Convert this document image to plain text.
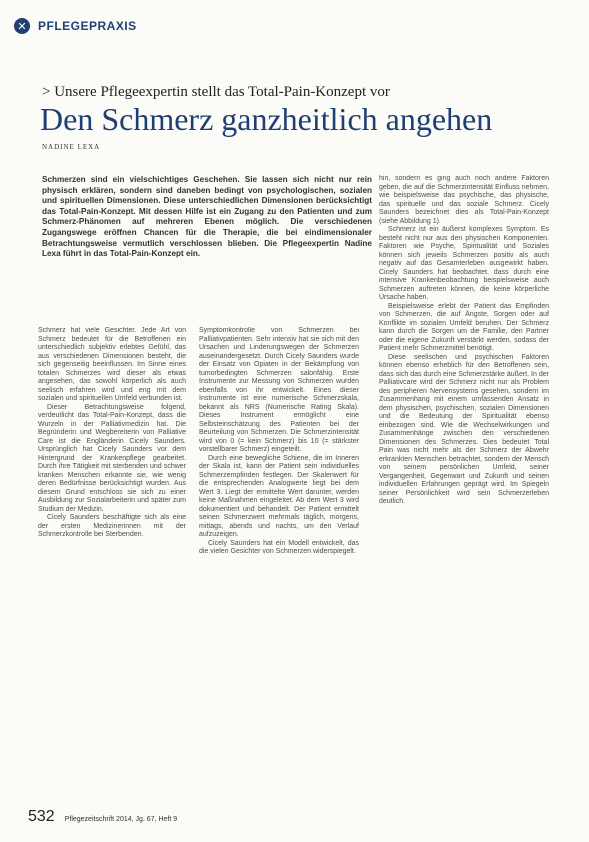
✕ PFLEGEPRAXIS
> Unsere Pflegeexpertin stellt das Total-Pain-Konzept vor
Den Schmerz ganzheitlich angehen
NADINE LEXA
Schmerzen sind ein vielschichtiges Geschehen. Sie lassen sich nicht nur rein physisch erklären, sondern sind daneben bedingt von psychologischen, sozialen und spirituellen Dimensionen. Diese unterschiedlichen Dimensionen berücksichtigt das Total-Pain-Konzept. Mit dessen Hilfe ist ein Zugang zu den Patienten und zum Schmerz-Phänomen auf mehreren Ebenen möglich. Die verschiedenen Zugangswege eröffnen Chancen für die Therapie, die bei eindimensionaler Betrachtungsweise vermutlich verschlossen blieben. Die Pflegeexpertin Nadine Lexa führt in das Total-Pain-Konzept ein.

Schmerz hat viele Gesichter. Jede Art von Schmerz bedeutet für die Betroffenen ein unterschiedlich subjektiv erlebtes Gefühl, das aus verschiedenen Dimensionen besteht, die sich gegenseitig beeinflussen. Im Sinne eines totalen Schmerzes wird dieser als etwas angesehen, das sowohl körperlich als auch seelisch erfahren wird und eng mit dem sozialen und spirituellen Umfeld verbunden ist.

Dieser Betrachtungsweise folgend, verdeutlicht das Total-Pain-Konzept, dass die Wurzeln in der Palliativmedizin hat. Die Begründerin und Wegbereiterin von Palliative Care ist die Engländerin Cicely Saunders. Ursprünglich hat Cicely Saunders vor dem Hintergrund der Krankenpflege gearbeitet. Durch ihre Tätigkeit mit sterbenden und schwer kranken Menschen erkannte sie, wie wenig deren Bedürfnisse berücksichtigt wurden. Aus diesem Grund entschloss sie sich zu einer Ausbildung zur Sozialarbeiterin und später zum Studium der Medizin.

Cicely Saunders beschäftigte sich als eine der ersten Medizinerinnen mit der Schmerzkontrolle bei Sterbenden.

Symptomkontrolle von Schmerzen bei Palliativpatienten. Sehr intensiv hat sie sich mit den Ursachen und Linderungswegen der Schmerzen auseinandergesetzt. Durch Cicely Saunders wurde der Einsatz von Opiaten in der Bekämpfung von tumorbedingten Schmerzen salonfähig. Erste Instrumente zur Messung von Schmerzen wurden ebenfalls von ihr entwickelt. Eines dieser Instrumente ist eine numerische Schmerzskala, bekannt als NRS (Numerische Rating Skala). Dieses Instrument ermöglicht eine Selbsteinschätzung des Patienten bei der Beurteilung von Schmerzen. Die Schmerzintensität wird von 0 (= kein Schmerz) bis 10 (= stärkster vorstellbarer Schmerz) eingeteilt.

Durch eine bewegliche Schiene, die im Inneren der Skala ist, kann der Patient sein individuelles Schmerzempfinden festlegen. Der Skalenwert für die entsprechenden Analogwerte liegt bei dem Wert 3. Liegt der ermittelte Wert darunter, werden keine Maßnahmen eingeleitet. Ab dem Wert 3 wird dokumentiert und behandelt. Der Patient ermittelt seinen Schmerzwert mehrmals täglich, morgens, mittags, abends und nachts, um den Verlauf aufzuzeigen.

Cicely Saunders hat ein Modell entwickelt, das die vielen Gesichter von Schmerzen widerspiegelt.

hin, sondern es ging auch noch andere Faktoren geben, die auf die Schmerzintensität Einfluss nehmen, wie beispielsweise das psychische, das physische, das spirituelle und das soziale Schmerz. Cicely Saunders bezeichnet dies als Total-Pain-Konzept (siehe Abbildung 1).

Schmerz ist ein äußerst komplexes Symptom. Es besteht nicht nur aus den physischen Komponenten. Faktoren wie Psyche, Spiritualität und Soziales können sich jeweils Schmerzen positiv als auch negativ auf das Gesamterleben ausgewirkt haben. Cicely Saunders hat beobachtet, dass durch eine intensive Krankenbeobachtung beispielsweise auch Schmerzen auftreten können, die keine körperliche Ursache haben.

Beispielsweise erlebt der Patient das Empfinden von Schmerzen, die auf Ängste, Sorgen oder auf Konflikte im sozialen Umfeld beruhen. Der Schmerz kann durch die Sorgen um die Familie, den Partner oder die eigene Zukunft verstärkt werden, sodass der Patient mehr Schmerzmittel benötigt.

Diese seelischen und psychischen Faktoren können ebenso erheblich für den Betroffenen sein, dass sich das durch eine Schmerzstärke äußert. In der Palliativcare wird der Schmerz nicht nur als Problem des peripheren Nervensystems gesehen, sondern im Zusammenhang mit einem umfassenden Ansatz in dem physischen, psychischen, sozialen Dimensionen und die Bedeutung der Spiritualität ebenso einbezogen sind. Wie die Wechselwirkungen und Zusammenhänge zwischen den verschiedenen Dimensionen des Schmerzes. Dies bedeutet Total Pain was nicht mehr als der Schmerz der Abwehr erkrankten Menschen betrachtet, sondern der Mensch von seinem persönlichen Umfeld, seiner Vergangenheit, Gegenwart und Zukunft und seinen individuellen Erfahrungen geprägt wird. Im Spiegeln seiner Persönlichkeit wird sein Schmerzerleben deutlich.

532 Pflegezeitschrift 2014, Jg. 67, Heft 9
